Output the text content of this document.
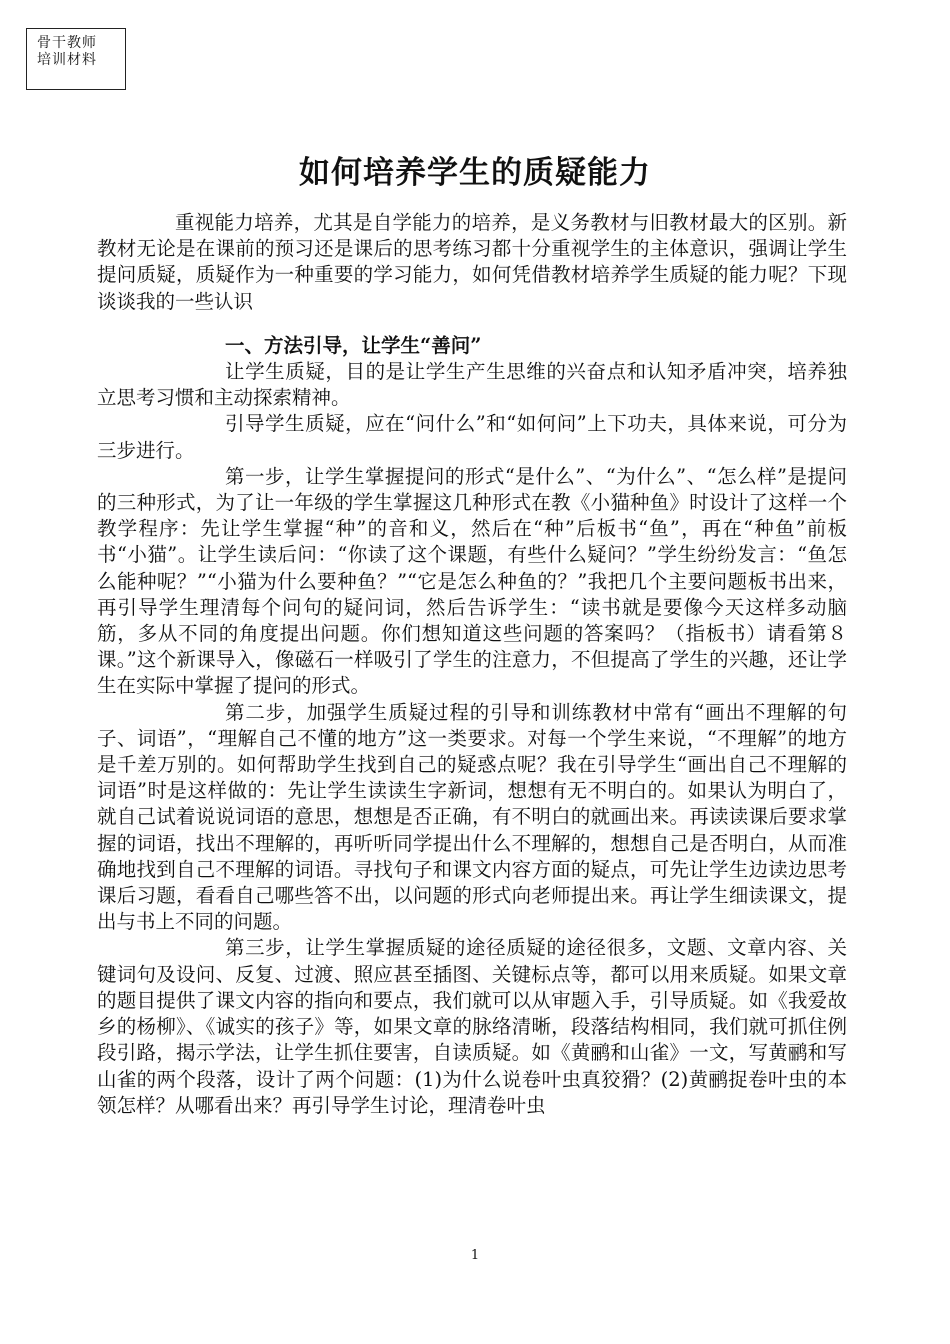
骨干教师
培训材料
如何培养学生的质疑能力

重视能力培养，尤其是自学能力的培养，是义务教材与旧教材最大的区别。新教材无论是在课前的预习还是课后的思考练习都十分重视学生的主体意识，强调让学生提问质疑，质疑作为一种重要的学习能力，如何凭借教材培养学生质疑的能力呢？下现谈谈我的一些认识

一、方法引导，让学生“善问”

让学生质疑，目的是让学生产生思维的兴奋点和认知矛盾冲突，培养独立思考习惯和主动探索精神。

引导学生质疑，应在“问什么”和“如何问”上下功夫，具体来说，可分为三步进行。

第一步，让学生掌握提问的形式“是什么”、“为什么”、“怎么样”是提问的三种形式，为了让一年级的学生掌握这几种形式在教《小猫种鱼》时设计了这样一个教学程序：先让学生掌握“种”的音和义，然后在“种”后板书“鱼”，再在“种鱼”前板书“小猫”。让学生读后问：“你读了这个课题，有些什么疑问？”学生纷纷发言：“鱼怎么能种呢？”“小猫为什么要种鱼？”“它是怎么种鱼的？”我把几个主要问题板书出来，再引导学生理清每个问句的疑问词，然后告诉学生：“读书就是要像今天这样多动脑筋，多从不同的角度提出问题。你们想知道这些问题的答案吗？（指板书）请看第８课。”这个新课导入，像磁石一样吸引了学生的注意力，不但提高了学生的兴趣，还让学生在实际中掌握了提问的形式。

第二步，加强学生质疑过程的引导和训练教材中常有“画出不理解的句子、词语”，“理解自己不懂的地方”这一类要求。对每一个学生来说，“不理解”的地方是千差万别的。如何帮助学生找到自己的疑惑点呢？我在引导学生“画出自己不理解的词语”时是这样做的：先让学生读读生字新词，想想有无不明白的。如果认为明白了，就自己试着说说词语的意思，想想是否正确，有不明白的就画出来。再读读课后要求掌握的词语，找出不理解的，再听听同学提出什么不理解的，想想自己是否明白，从而准确地找到自己不理解的词语。寻找句子和课文内容方面的疑点，可先让学生边读边思考课后习题，看看自己哪些答不出，以问题的形式向老师提出来。再让学生细读课文，提出与书上不同的问题。

第三步，让学生掌握质疑的途径质疑的途径很多，文题、文章内容、关键词句及设问、反复、过渡、照应甚至插图、关键标点等，都可以用来质疑。如果文章的题目提供了课文内容的指向和要点，我们就可以从审题入手，引导质疑。如《我爱故乡的杨柳》、《诚实的孩子》等，如果文章的脉络清晰，段落结构相同，我们就可抓住例段引路，揭示学法，让学生抓住要害，自读质疑。如《黄鹂和山雀》一文，写黄鹂和写山雀的两个段落，设计了两个问题：(1)为什么说卷叶虫真狡猾？(2)黄鹂捉卷叶虫的本领怎样？从哪看出来？再引导学生讨论，理清卷叶虫

1
